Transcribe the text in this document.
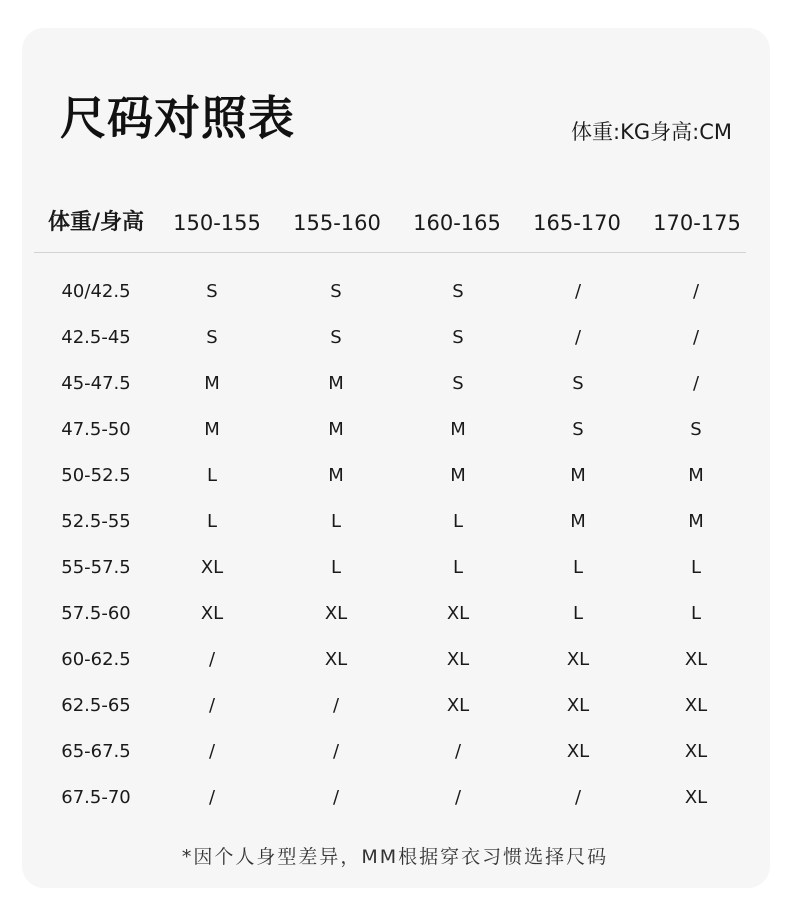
尺码对照表	体重:KG身高:CM
体重/身高	150-155	155-160	160-165	165-170	170-175
40/42.5	S	S	S	/	/
42.5-45	S	S	S	/	/
45-47.5	M	M	S	S	/
47.5-50	M	M	M	S	S
50-52.5	L	M	M	M	M
52.5-55	L	L	L	M	M
55-57.5	XL	L	L	L	L
57.5-60	XL	XL	XL	L	L
60-62.5	/	XL	XL	XL	XL
62.5-65	/	/	XL	XL	XL
65-67.5	/	/	/	XL	XL
67.5-70	/	/	/	/	XL
*因个人身型差异，MM根据穿衣习惯选择尺码
